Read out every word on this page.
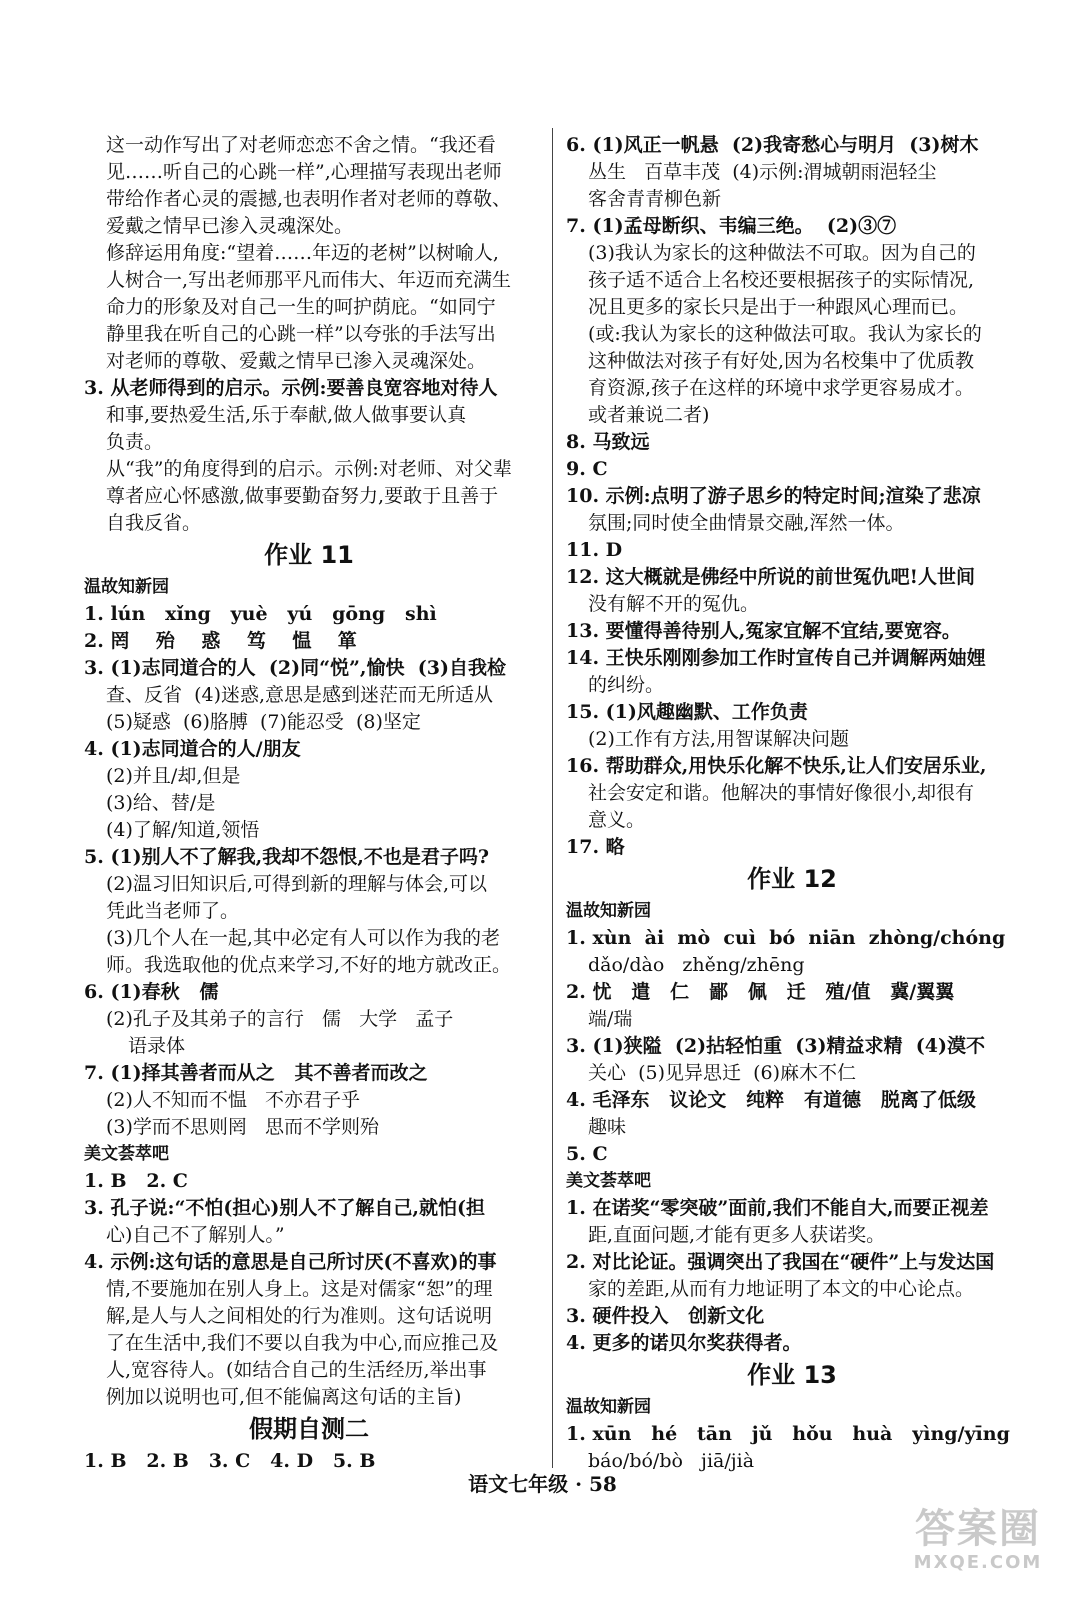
这一动作写出了对老师恋恋不舍之情。“我还看
见……听自己的心跳一样”,心理描写表现出老师
带给作者心灵的震撼,也表明作者对老师的尊敬、
爱戴之情早已渗入灵魂深处。
修辞运用角度:“望着……年迈的老树”以树喻人,
人树合一,写出老师那平凡而伟大、年迈而充满生
命力的形象及对自己一生的呵护荫庇。“如同宁
静里我在听自己的心跳一样”以夸张的手法写出
对老师的尊敬、爱戴之情早已渗入灵魂深处。
3. 从老师得到的启示。示例:要善良宽容地对待人
和事,要热爱生活,乐于奉献,做人做事要认真
负责。
从“我”的角度得到的启示。示例:对老师、对父辈
尊者应心怀感激,做事要勤奋努力,要敢于且善于
自我反省。
作业 11
温故知新园
1. lún   xǐng   yuè   yú   gōng   shì
2. 罔    殆    惑    笃    愠    箪
3. (1)志同道合的人  (2)同“悦”,愉快  (3)自我检
查、反省  (4)迷惑,意思是感到迷茫而无所适从
(5)疑惑  (6)胳膊  (7)能忍受  (8)坚定
4. (1)志同道合的人/朋友
(2)并且/却,但是
(3)给、替/是
(4)了解/知道,领悟
5. (1)别人不了解我,我却不怨恨,不也是君子吗?
(2)温习旧知识后,可得到新的理解与体会,可以
凭此当老师了。
(3)几个人在一起,其中必定有人可以作为我的老
师。我选取他的优点来学习,不好的地方就改正。
6. (1)春秋   儒
(2)孔子及其弟子的言行   儒   大学   孟子
语录体
7. (1)择其善者而从之   其不善者而改之
(2)人不知而不愠   不亦君子乎
(3)学而不思则罔   思而不学则殆
美文荟萃吧
1. B   2. C
3. 孔子说:“不怕(担心)别人不了解自己,就怕(担
心)自己不了解别人。”
4. 示例:这句话的意思是自己所讨厌(不喜欢)的事
情,不要施加在别人身上。这是对儒家“恕”的理
解,是人与人之间相处的行为准则。这句话说明
了在生活中,我们不要以自我为中心,而应推己及
人,宽容待人。(如结合自己的生活经历,举出事
例加以说明也可,但不能偏离这句话的主旨)
假期自测二
1. B   2. B   3. C   4. D   5. B
6. (1)风正一帆悬  (2)我寄愁心与明月  (3)树木
丛生   百草丰茂  (4)示例:渭城朝雨浥轻尘
客舍青青柳色新
7. (1)孟母断织、韦编三绝。  (2)③⑦
(3)我认为家长的这种做法不可取。因为自己的
孩子适不适合上名校还要根据孩子的实际情况,
况且更多的家长只是出于一种跟风心理而已。
(或:我认为家长的这种做法可取。我认为家长的
这种做法对孩子有好处,因为名校集中了优质教
育资源,孩子在这样的环境中求学更容易成才。
或者兼说二者)
8. 马致远
9. C
10. 示例:点明了游子思乡的特定时间;渲染了悲凉
氛围;同时使全曲情景交融,浑然一体。
11. D
12. 这大概就是佛经中所说的前世冤仇吧!人世间
没有解不开的冤仇。
13. 要懂得善待别人,冤家宜解不宜结,要宽容。
14. 王快乐刚刚参加工作时宣传自己并调解两妯娌
的纠纷。
15. (1)风趣幽默、工作负责
(2)工作有方法,用智谋解决问题
16. 帮助群众,用快乐化解不快乐,让人们安居乐业,
社会安定和谐。他解决的事情好像很小,却很有
意义。
17. 略
作业 12
温故知新园
1. xùn  ài  mò  cuì  bó  niān  zhòng/chóng
dǎo/dào   zhěng/zhēng
2. 忧   遣   仁   鄙   佩   迁   殖/值   冀/翼翼
端/瑞
3. (1)狭隘  (2)拈轻怕重  (3)精益求精  (4)漠不
关心  (5)见异思迁  (6)麻木不仁
4. 毛泽东   议论文   纯粹   有道德   脱离了低级
趣味
5. C
美文荟萃吧
1. 在诺奖“零突破”面前,我们不能自大,而要正视差
距,直面问题,才能有更多人获诺奖。
2. 对比论证。强调突出了我国在“硬件”上与发达国
家的差距,从而有力地证明了本文的中心论点。
3. 硬件投入   创新文化
4. 更多的诺贝尔奖获得者。
作业 13
温故知新园
1. xūn   hé   tān   jǔ   hǒu   huà   yìng/yīng
báo/bó/bò   jiā/jià
语文七年级 · 58
答案圈
MXQE.COM
